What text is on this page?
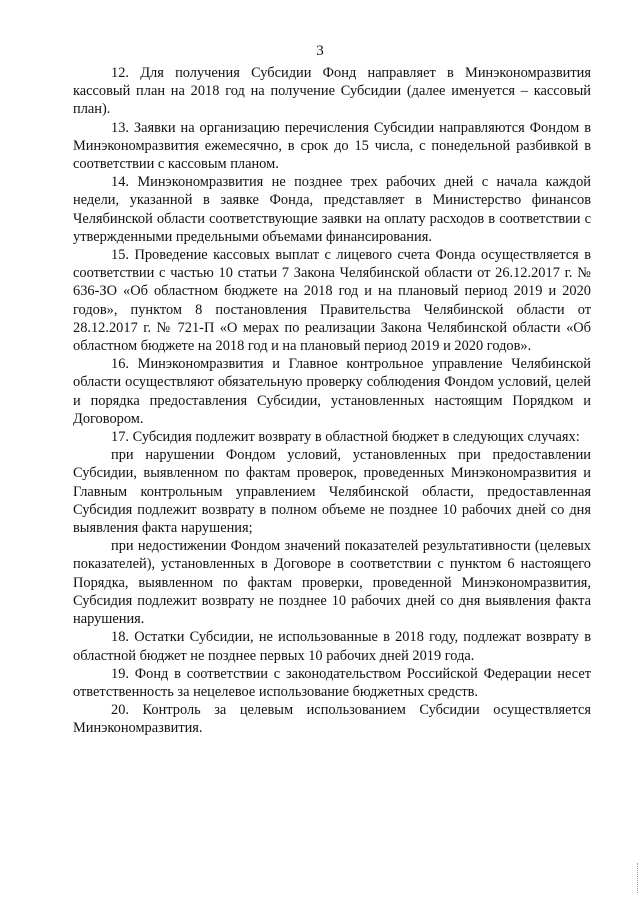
3

12. Для получения Субсидии Фонд направляет в Минэкономразвития кассовый план на 2018 год на получение Субсидии (далее именуется – кассовый план).

13. Заявки на организацию перечисления Субсидии направляются Фондом в Минэкономразвития ежемесячно, в срок до 15 числа, с понедельной разбивкой в соответствии с кассовым планом.

14. Минэкономразвития не позднее трех рабочих дней с начала каждой недели, указанной в заявке Фонда, представляет в Министерство финансов Челябинской области соответствующие заявки на оплату расходов в соответствии с утвержденными предельными объемами финансирования.

15. Проведение кассовых выплат с лицевого счета Фонда осуществляется в соответствии с частью 10 статьи 7 Закона Челябинской области от 26.12.2017 г. № 636-ЗО «Об областном бюджете на 2018 год и на плановый период 2019 и 2020 годов», пунктом 8 постановления Правительства Челябинской области от 28.12.2017 г. № 721-П «О мерах по реализации Закона Челябинской области «Об областном бюджете на 2018 год и на плановый период 2019 и 2020 годов».

16. Минэкономразвития и Главное контрольное управление Челябинской области осуществляют обязательную проверку соблюдения Фондом условий, целей и порядка предоставления Субсидии, установленных настоящим Порядком и Договором.

17. Субсидия подлежит возврату в областной бюджет в следующих случаях:

при нарушении Фондом условий, установленных при предоставлении Субсидии, выявленном по фактам проверок, проведенных Минэкономразвития и Главным контрольным управлением Челябинской области, предоставленная Субсидия подлежит возврату в полном объеме не позднее 10 рабочих дней со дня выявления факта нарушения;

при недостижении Фондом значений показателей результативности (целевых показателей), установленных в Договоре в соответствии с пунктом 6 настоящего Порядка, выявленном по фактам проверки, проведенной Минэкономразвития, Субсидия подлежит возврату не позднее 10 рабочих дней со дня выявления факта нарушения.

18. Остатки Субсидии, не использованные в 2018 году, подлежат возврату в областной бюджет не позднее первых 10 рабочих дней 2019 года.

19. Фонд в соответствии с законодательством Российской Федерации несет ответственность за нецелевое использование бюджетных средств.

20. Контроль за целевым использованием Субсидии осуществляется Минэкономразвития.
